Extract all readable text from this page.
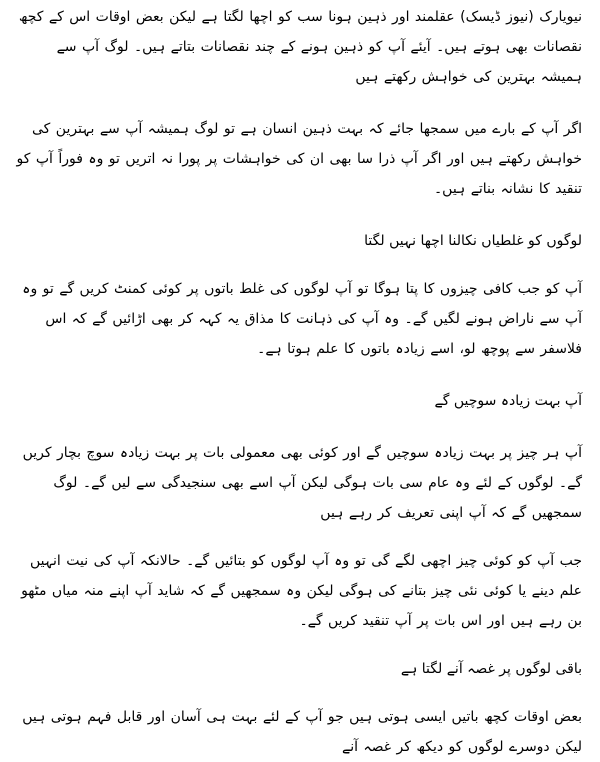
نیویارک (نیوز ڈیسک) عقلمند اور ذہین ہونا سب کو اچھا لگتا ہے لیکن بعض اوقات اس کے کچھ نقصانات بھی ہوتے ہیں۔ آیئے آپ کو ذہین ہونے کے چند نقصانات بتاتے ہیں۔ لوگ آپ سے ہمیشہ بہترین کی خواہش رکھتے ہیں

اگر آپ کے بارے میں سمجھا جائے کہ بہت ذہین انسان ہے تو لوگ ہمیشہ آپ سے بہترین کی خواہش رکھتے ہیں اور اگر آپ ذرا سا بھی ان کی خواہشات پر پورا نہ اتریں تو وہ فوراً آپ کو تنقید کا نشانہ بناتے ہیں۔

لوگوں کو غلطیاں نکالنا اچھا نہیں لگتا

آپ کو جب کافی چیزوں کا پتا ہوگا تو آپ لوگوں کی غلط باتوں پر کوئی کمنٹ کریں گے تو وہ آپ سے ناراض ہونے لگیں گے۔ وہ آپ کی ذہانت کا مذاق یہ کہہ کر بھی اڑائیں گے کہ اس فلاسفر سے پوچھ لو، اسے زیادہ باتوں کا علم ہوتا ہے۔

آپ بہت زیادہ سوچیں گے

آپ ہر چیز پر بہت زیادہ سوچیں گے اور کوئی بھی معمولی بات پر بہت زیادہ سوچ بچار کریں گے۔ لوگوں کے لئے وہ عام سی بات ہوگی لیکن آپ اسے بھی سنجیدگی سے لیں گے۔ لوگ سمجھیں گے کہ آپ اپنی تعریف کر رہے ہیں

جب آپ کو کوئی چیز اچھی لگے گی تو وہ آپ لوگوں کو بتائیں گے۔ حالانکہ آپ کی نیت انہیں علم دینے یا کوئی نئی چیز بتانے کی ہوگی لیکن وہ سمجھیں گے کہ شاید آپ اپنے منہ میاں مٹھو بن رہے ہیں اور اس بات پر آپ تنقید کریں گے۔

باقی لوگوں پر غصہ آنے لگتا ہے

بعض اوقات کچھ باتیں ایسی ہوتی ہیں جو آپ کے لئے بہت ہی آسان اور قابل فہم ہوتی ہیں لیکن دوسرے لوگوں کو دیکھ کر غصہ آنے
